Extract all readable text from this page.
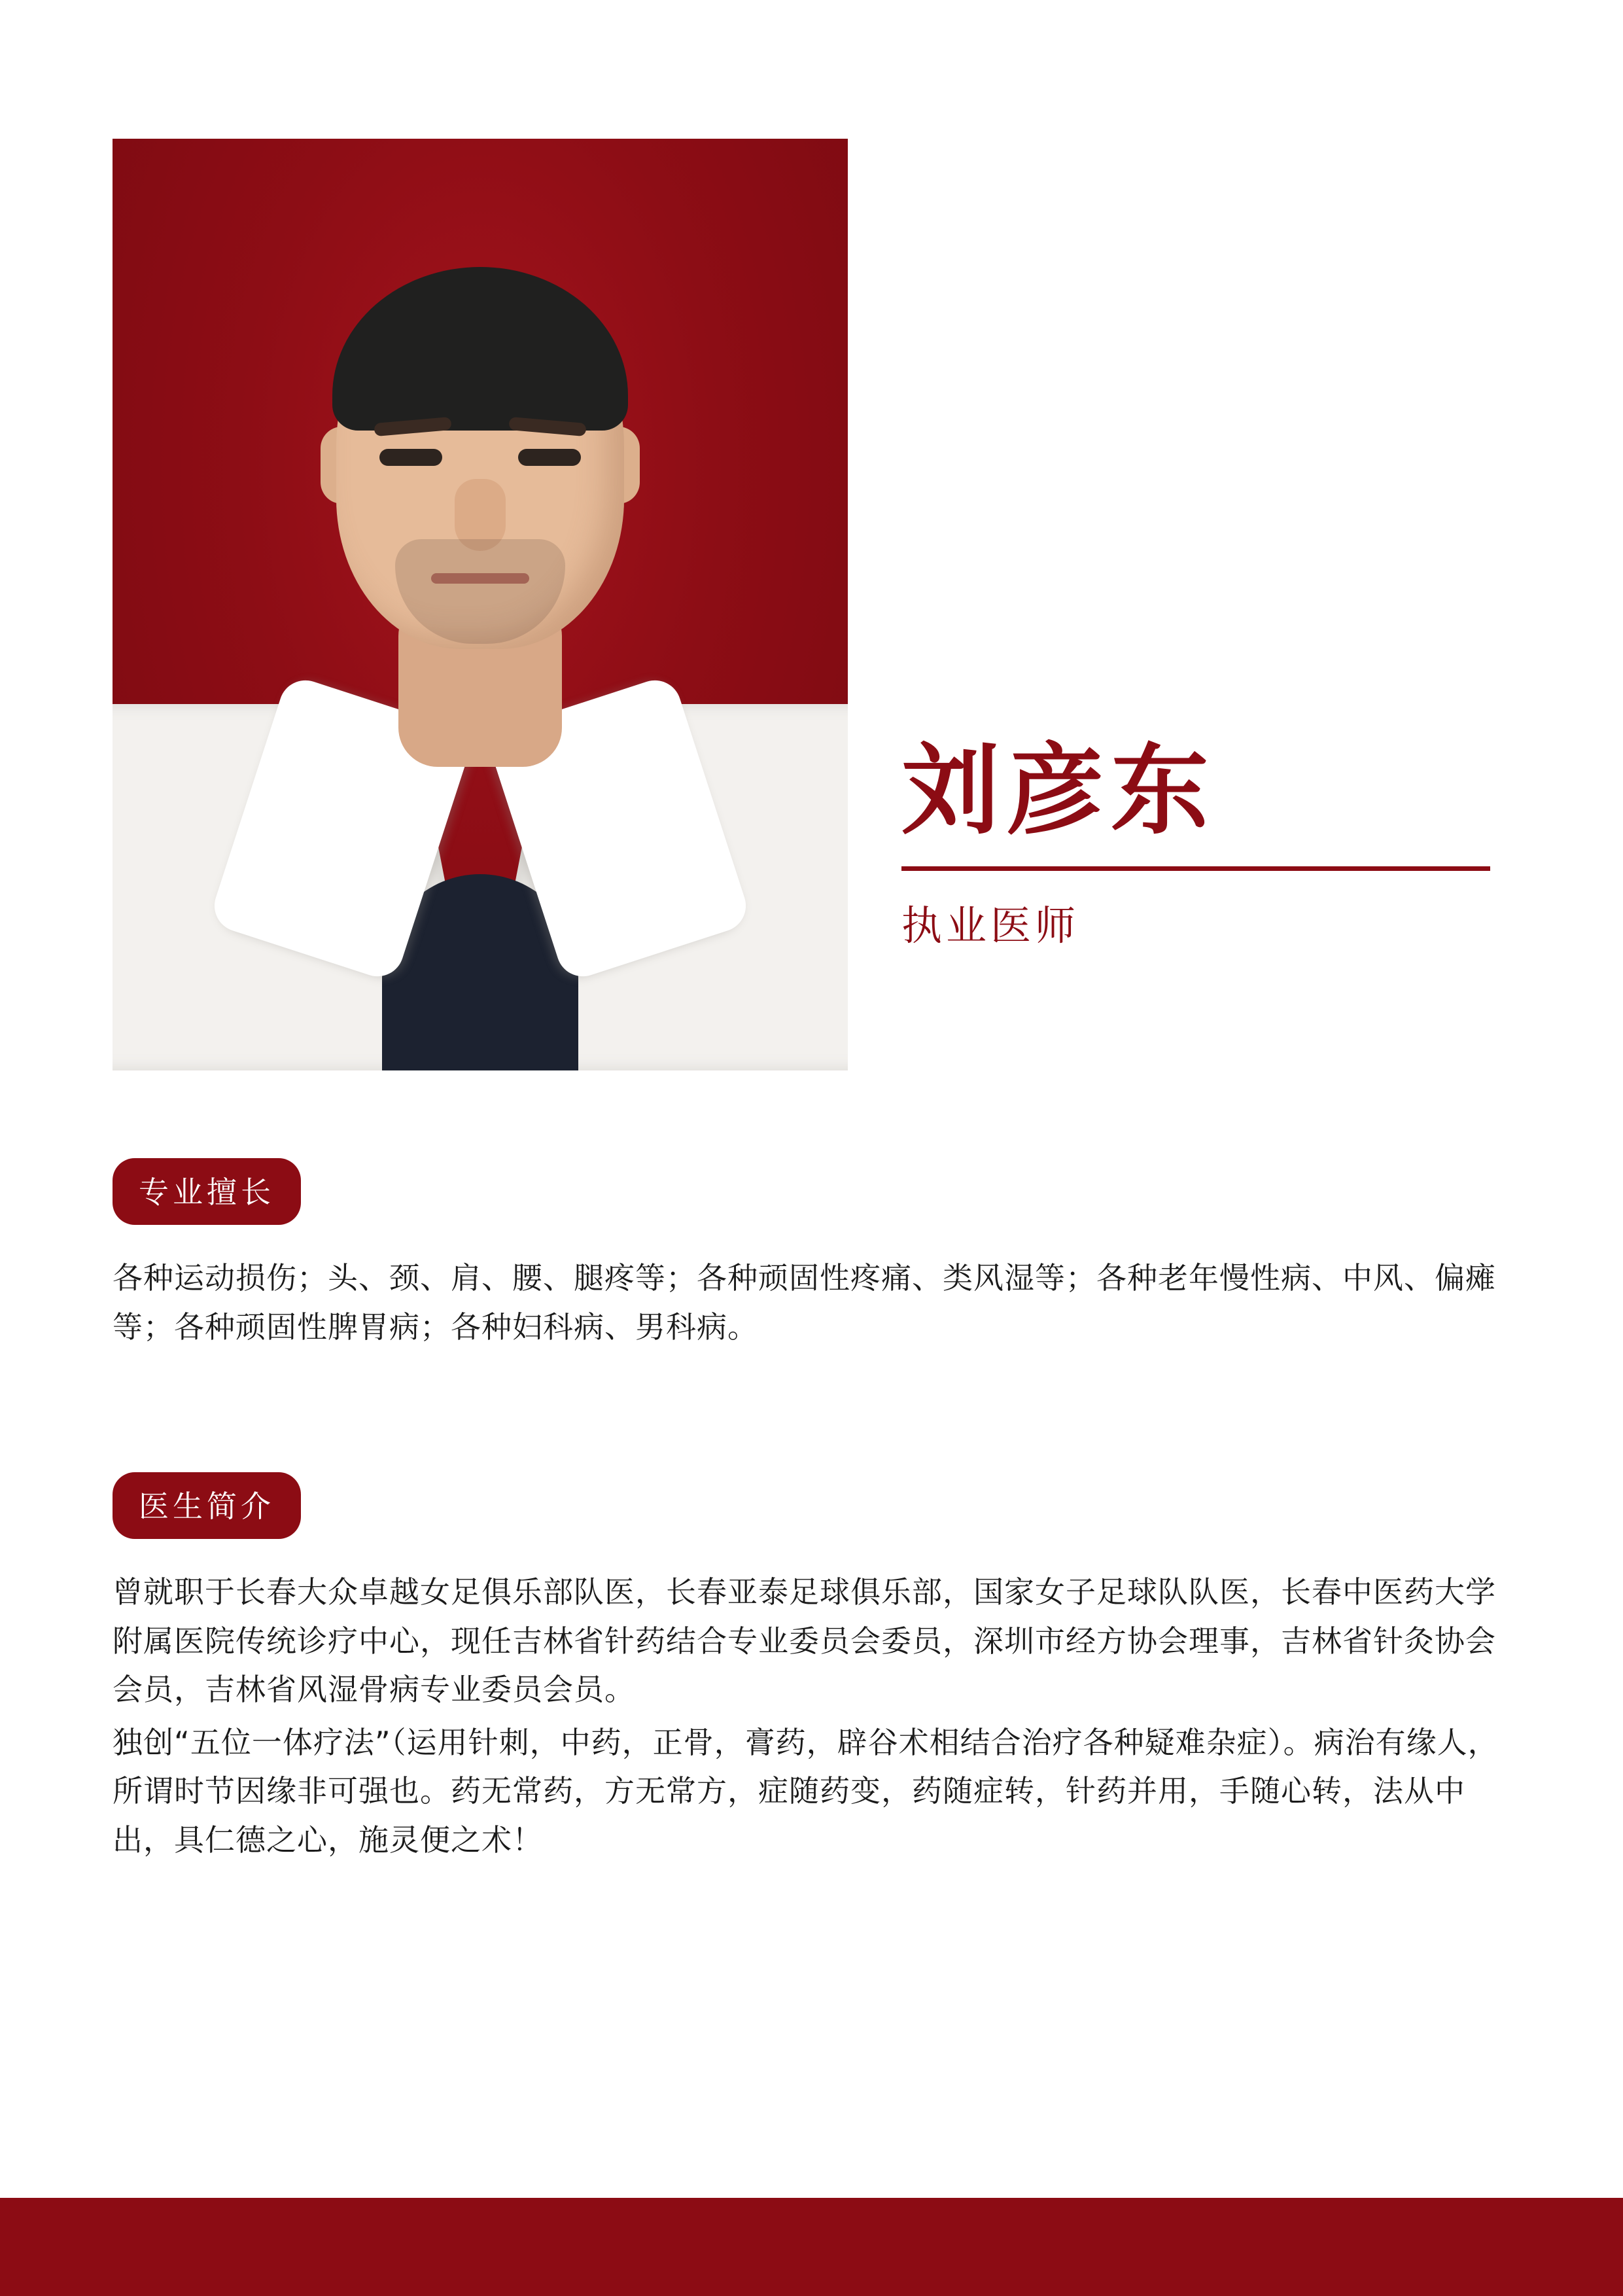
刘彦东
执业医师
专业擅长
各种运动损伤；头、颈、肩、腰、腿疼等；各种顽固性疼痛、类风湿等；各种老年慢性病、中风、偏瘫等；各种顽固性脾胃病；各种妇科病、男科病。
医生简介
曾就职于长春大众卓越女足俱乐部队医，长春亚泰足球俱乐部，国家女子足球队队医，长春中医药大学附属医院传统诊疗中心，现任吉林省针药结合专业委员会委员，深圳市经方协会理事，吉林省针灸协会会员，吉林省风湿骨病专业委员会员。
独创“五位一体疗法”（运用针刺，中药，正骨，膏药，辟谷术相结合治疗各种疑难杂症）。病治有缘人，所谓时节因缘非可强也。药无常药，方无常方，症随药变，药随症转，针药并用，手随心转，法从中出，具仁德之心，施灵便之术！
